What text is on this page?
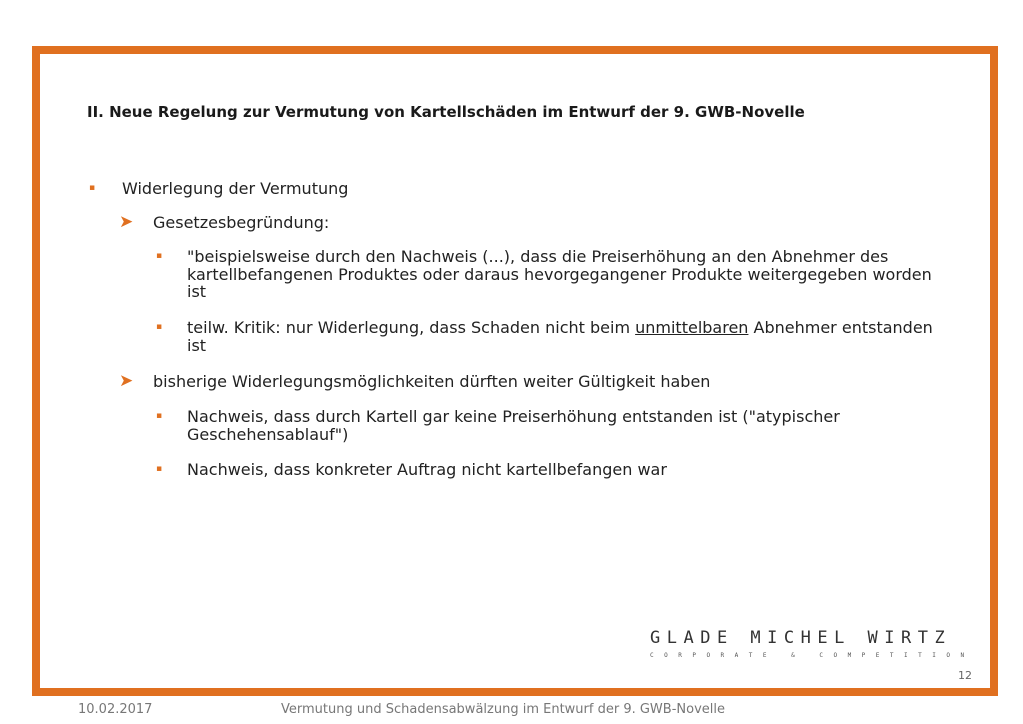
II. Neue Regelung zur Vermutung von Kartellschäden im Entwurf der 9. GWB-Novelle
▪ Widerlegung der Vermutung
➤ Gesetzesbegründung:
▪ "beispielsweise durch den Nachweis (...), dass die Preiserhöhung an den Abnehmer des kartellbefangenen Produktes oder daraus hevorgegangener Produkte weitergegeben worden ist
▪ teilw. Kritik: nur Widerlegung, dass Schaden nicht beim unmittelbaren Abnehmer entstanden ist
➤ bisherige Widerlegungsmöglichkeiten dürften weiter Gültigkeit haben
▪ Nachweis, dass durch Kartell gar keine Preiserhöhung entstanden ist ("atypischer Geschehensablauf")
▪ Nachweis, dass konkreter Auftrag nicht kartellbefangen war
GLADE MICHEL WIRTZ
CORPORATE & COMPETITION
12
10.02.2017	Vermutung und Schadensabwälzung im Entwurf der 9. GWB-Novelle
